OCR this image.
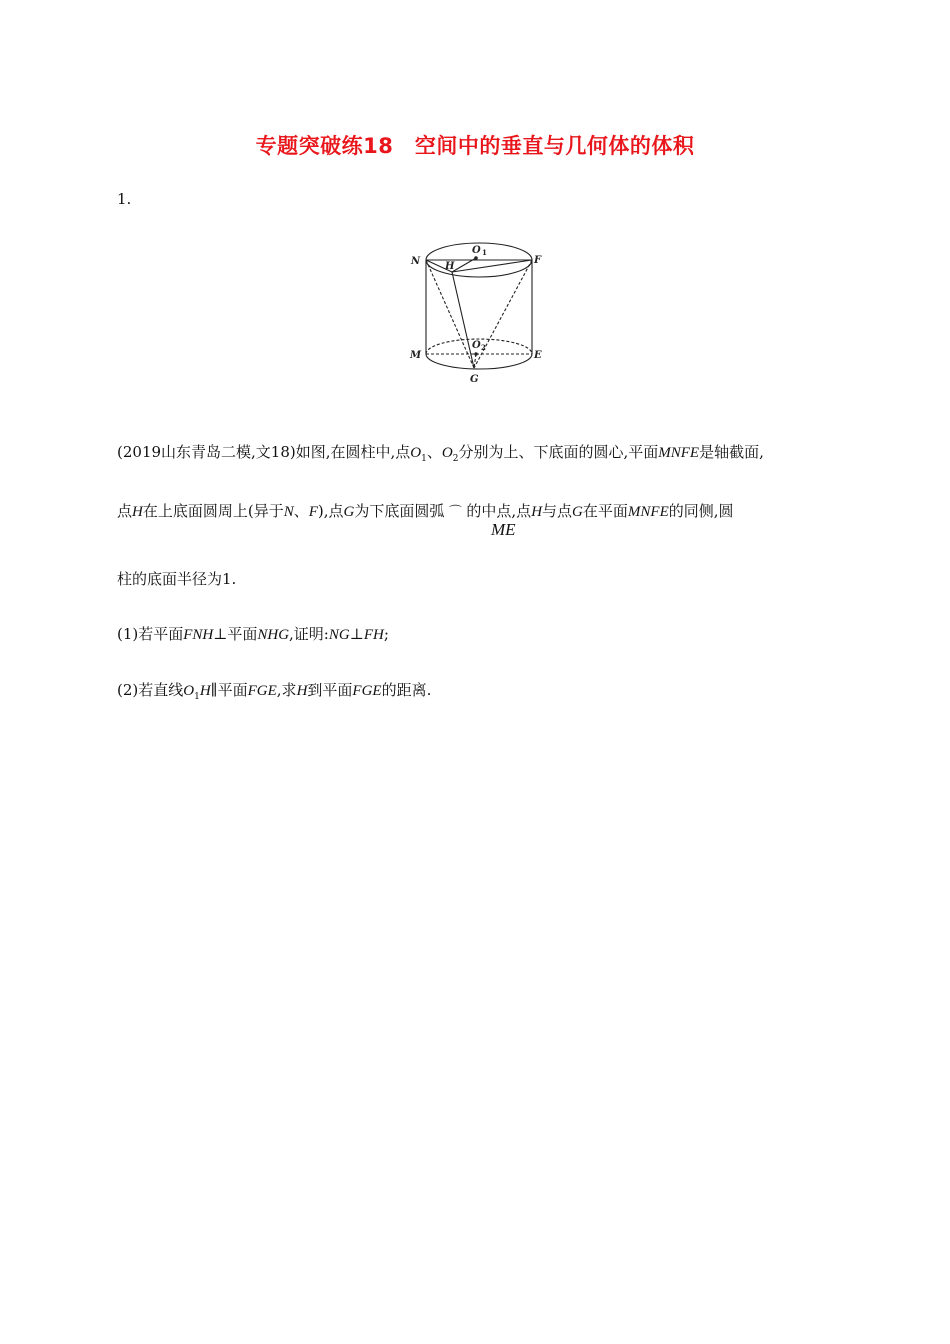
专题突破练18　空间中的垂直与几何体的体积
1.
N H
O 1
F
M
O 2
E
G
(2019山东青岛二模,文18)如图,在圆柱中,点$O_1$、$O_2$分别为上、下底面的圆心,平面MNFE是轴截面,
点H在上底面圆周上(异于N、F),点G为下底面圆弧 ⌒ 的中点,点H与点G在平面MNFE的同侧,圆
ME
柱的底面半径为1.
(1)若平面FNH⊥平面NHG,证明:NG⊥FH;
(2)若直线$O_1H\parallel$平面FGE,求H到平面FGE的距离.
